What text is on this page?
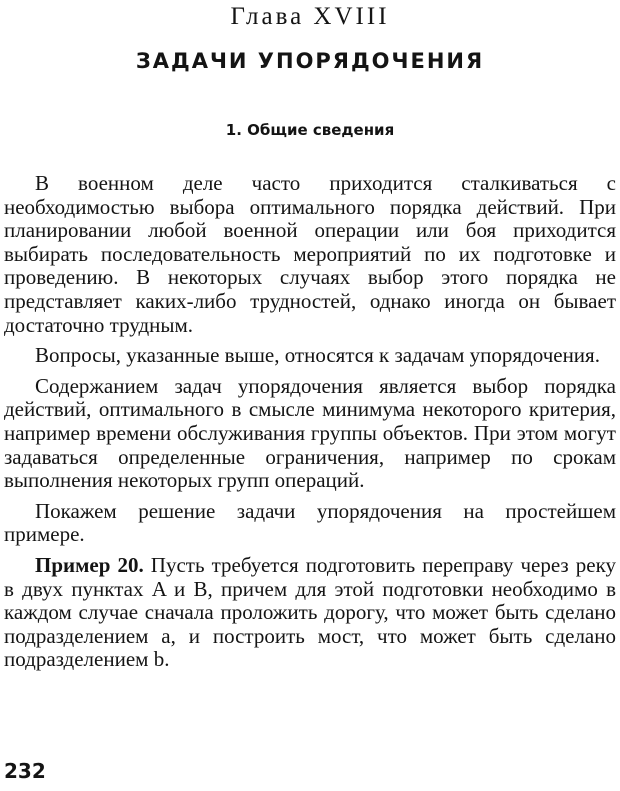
Глава XVIII
ЗАДАЧИ УПОРЯДОЧЕНИЯ
1. Общие сведения

В военном деле часто приходится сталкиваться с необходимостью выбора оптимального порядка действий. При планировании любой военной операции или боя приходится выбирать последовательность мероприятий по их подготовке и проведению. В некоторых случаях выбор этого порядка не представляет каких-либо трудностей, однако иногда он бывает достаточно трудным.

Вопросы, указанные выше, относятся к задачам упорядочения.

Содержанием задач упорядочения является выбор порядка действий, оптимального в смысле минимума некоторого критерия, например времени обслуживания группы объектов. При этом могут задаваться определенные ограничения, например по срокам выполнения некоторых групп операций.

Покажем решение задачи упорядочения на простейшем примере.

Пример 20. Пусть требуется подготовить переправу через реку в двух пунктах A и B, причем для этой подготовки необходимо в каждом случае сначала проложить дорогу, что может быть сделано подразделением a, и построить мост, что может быть сделано подразделением b.

232
